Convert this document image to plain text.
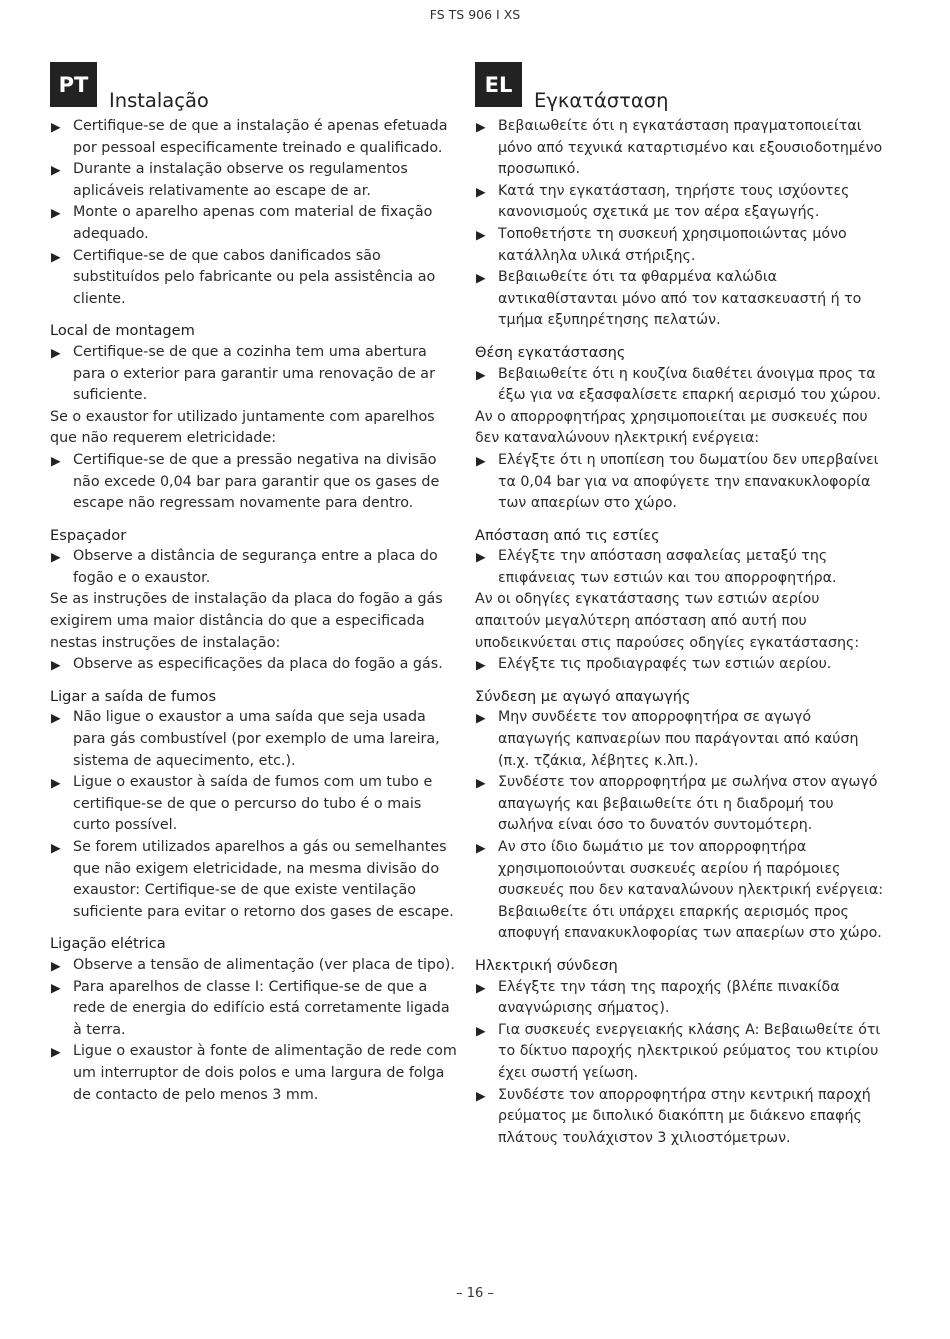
FS TS 906 I XS
PT
Instalação
▶ Certifique-se de que a instalação é apenas efetuada por pessoal especificamente treinado e qualificado.
▶ Durante a instalação observe os regulamentos aplicáveis relativamente ao escape de ar.
▶ Monte o aparelho apenas com material de fixação adequado.
▶ Certifique-se de que cabos danificados são substituídos pelo fabricante ou pela assistência ao cliente.
Local de montagem
▶ Certifique-se de que a cozinha tem uma abertura para o exterior para garantir uma renovação de ar suficiente.
Se o exaustor for utilizado juntamente com aparelhos que não requerem eletricidade:
▶ Certifique-se de que a pressão negativa na divisão não excede 0,04 bar para garantir que os gases de escape não regressam novamente para dentro.
Espaçador
▶ Observe a distância de segurança entre a placa do fogão e o exaustor.
Se as instruções de instalação da placa do fogão a gás exigirem uma maior distância do que a especificada nestas instruções de instalação:
▶ Observe as especificações da placa do fogão a gás.
Ligar a saída de fumos
▶ Não ligue o exaustor a uma saída que seja usada para gás combustível (por exemplo de uma lareira, sistema de aquecimento, etc.).
▶ Ligue o exaustor à saída de fumos com um tubo e certifique-se de que o percurso do tubo é o mais curto possível.
▶ Se forem utilizados aparelhos a gás ou semelhantes que não exigem eletricidade, na mesma divisão do exaustor: Certifique-se de que existe ventilação suficiente para evitar o retorno dos gases de escape.
Ligação elétrica
▶ Observe a tensão de alimentação (ver placa de tipo).
▶ Para aparelhos de classe I: Certifique-se de que a rede de energia do edifício está corretamente ligada à terra.
▶ Ligue o exaustor à fonte de alimentação de rede com um interruptor de dois polos e uma largura de folga de contacto de pelo menos 3 mm.
EL
Εγκατάσταση
▶ Βεβαιωθείτε ότι η εγκατάσταση πραγματοποιείται μόνο από τεχνικά καταρτισμένο και εξουσιοδοτημένο προσωπικό.
▶ Κατά την εγκατάσταση, τηρήστε τους ισχύοντες κανονισμούς σχετικά με τον αέρα εξαγωγής.
▶ Τοποθετήστε τη συσκευή χρησιμοποιώντας μόνο κατάλληλα υλικά στήριξης.
▶ Βεβαιωθείτε ότι τα φθαρμένα καλώδια αντικαθίστανται μόνο από τον κατασκευαστή ή το τμήμα εξυπηρέτησης πελατών.
Θέση εγκατάστασης
▶ Βεβαιωθείτε ότι η κουζίνα διαθέτει άνοιγμα προς τα έξω για να εξασφαλίσετε επαρκή αερισμό του χώρου.
Αν ο απορροφητήρας χρησιμοποιείται με συσκευές που δεν καταναλώνουν ηλεκτρική ενέργεια:
▶ Ελέγξτε ότι η υποπίεση του δωματίου δεν υπερβαίνει τα 0,04 bar για να αποφύγετε την επανακυκλοφορία των απαερίων στο χώρο.
Απόσταση από τις εστίες
▶ Ελέγξτε την απόσταση ασφαλείας μεταξύ της επιφάνειας των εστιών και του απορροφητήρα.
Αν οι οδηγίες εγκατάστασης των εστιών αερίου απαιτούν μεγαλύτερη απόσταση από αυτή που υποδεικνύεται στις παρούσες οδηγίες εγκατάστασης:
▶ Ελέγξτε τις προδιαγραφές των εστιών αερίου.
Σύνδεση με αγωγό απαγωγής
▶ Μην συνδέετε τον απορροφητήρα σε αγωγό απαγωγής καπναερίων που παράγονται από καύση (π.χ. τζάκια, λέβητες κ.λπ.).
▶ Συνδέστε τον απορροφητήρα με σωλήνα στον αγωγό απαγωγής και βεβαιωθείτε ότι η διαδρομή του σωλήνα είναι όσο το δυνατόν συντομότερη.
▶ Αν στο ίδιο δωμάτιο με τον απορροφητήρα χρησιμοποιούνται συσκευές αερίου ή παρόμοιες συσκευές που δεν καταναλώνουν ηλεκτρική ενέργεια: Βεβαιωθείτε ότι υπάρχει επαρκής αερισμός προς αποφυγή επανακυκλοφορίας των απαερίων στο χώρο.
Ηλεκτρική σύνδεση
▶ Ελέγξτε την τάση της παροχής (βλέπε πινακίδα αναγνώρισης σήματος).
▶ Για συσκευές ενεργειακής κλάσης A: Βεβαιωθείτε ότι το δίκτυο παροχής ηλεκτρικού ρεύματος του κτιρίου έχει σωστή γείωση.
▶ Συνδέστε τον απορροφητήρα στην κεντρική παροχή ρεύματος με διπολικό διακόπτη με διάκενο επαφής πλάτους τουλάχιστον 3 χιλιοστόμετρων.
– 16 –
